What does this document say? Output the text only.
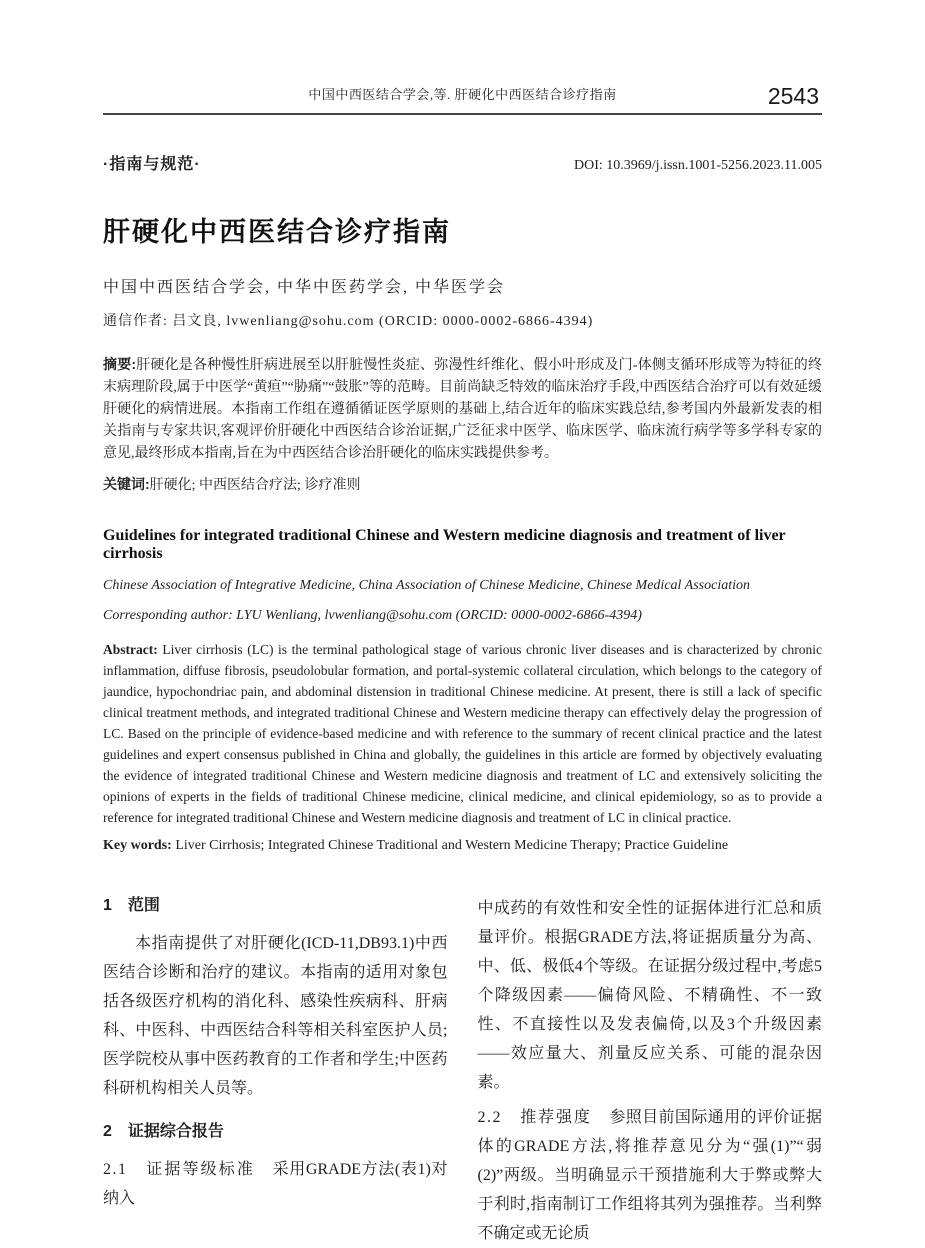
中国中西医结合学会,等. 肝硬化中西医结合诊疗指南	2543
·指南与规范·	DOI: 10.3969/j.issn.1001-5256.2023.11.005
肝硬化中西医结合诊疗指南
中国中西医结合学会, 中华中医药学会, 中华医学会
通信作者: 吕文良, lvwenliang@sohu.com (ORCID: 0000-0002-6866-4394)

摘要:肝硬化是各种慢性肝病进展至以肝脏慢性炎症、弥漫性纤维化、假小叶形成及门-体侧支循环形成等为特征的终末病理阶段,属于中医学“黄疸”“胁痛”“鼓胀”等的范畴。目前尚缺乏特效的临床治疗手段,中西医结合治疗可以有效延缓肝硬化的病情进展。本指南工作组在遵循循证医学原则的基础上,结合近年的临床实践总结,参考国内外最新发表的相关指南与专家共识,客观评价肝硬化中西医结合诊治证据,广泛征求中医学、临床医学、临床流行病学等多学科专家的意见,最终形成本指南,旨在为中西医结合诊治肝硬化的临床实践提供参考。

关键词:肝硬化; 中西医结合疗法; 诊疗准则

Guidelines for integrated traditional Chinese and Western medicine diagnosis and treatment of liver cirrhosis
Chinese Association of Integrative Medicine, China Association of Chinese Medicine, Chinese Medical Association
Corresponding author: LYU Wenliang, lvwenliang@sohu.com (ORCID: 0000-0002-6866-4394)

Abstract: Liver cirrhosis (LC) is the terminal pathological stage of various chronic liver diseases and is characterized by chronic inflammation, diffuse fibrosis, pseudolobular formation, and portal-systemic collateral circulation, which belongs to the category of jaundice, hypochondriac pain, and abdominal distension in traditional Chinese medicine. At present, there is still a lack of specific clinical treatment methods, and integrated traditional Chinese and Western medicine therapy can effectively delay the progression of LC. Based on the principle of evidence-based medicine and with reference to the summary of recent clinical practice and the latest guidelines and expert consensus published in China and globally, the guidelines in this article are formed by objectively evaluating the evidence of integrated traditional Chinese and Western medicine diagnosis and treatment of LC and extensively soliciting the opinions of experts in the fields of traditional Chinese medicine, clinical medicine, and clinical epidemiology, so as to provide a reference for integrated traditional Chinese and Western medicine diagnosis and treatment of LC in clinical practice.

Key words: Liver Cirrhosis; Integrated Chinese Traditional and Western Medicine Therapy; Practice Guideline

1　范围

本指南提供了对肝硬化(ICD-11,DB93.1)中西医结合诊断和治疗的建议。本指南的适用对象包括各级医疗机构的消化科、感染性疾病科、肝病科、中医科、中西医结合科等相关科室医护人员;医学院校从事中医药教育的工作者和学生;中医药科研机构相关人员等。

2　证据综合报告

2.1　证据等级标准 采用GRADE方法(表1)对纳入

中成药的有效性和安全性的证据体进行汇总和质量评价。根据GRADE方法,将证据质量分为高、中、低、极低4个等级。在证据分级过程中,考虑5个降级因素——偏倚风险、不精确性、不一致性、不直接性以及发表偏倚,以及3个升级因素——效应量大、剂量反应关系、可能的混杂因素。

2.2　推荐强度 参照目前国际通用的评价证据体的GRADE方法,将推荐意见分为“强(1)”“弱(2)”两级。当明确显示干预措施利大于弊或弊大于利时,指南制订工作组将其列为强推荐。当利弊不确定或无论质
